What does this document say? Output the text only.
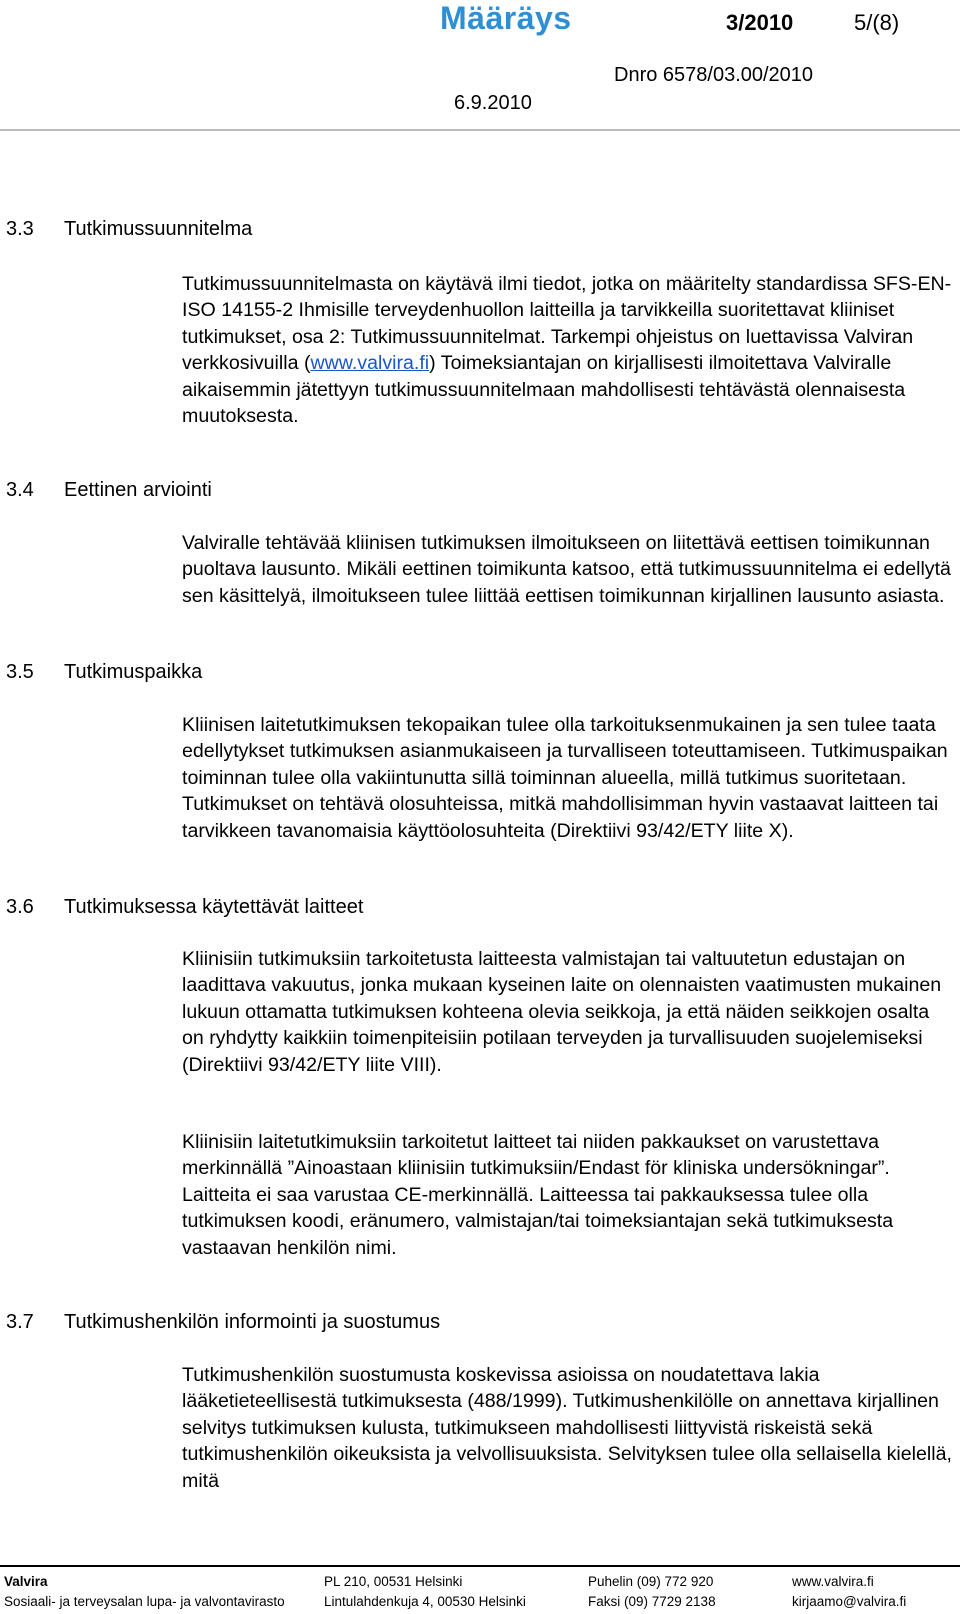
Määräys	3/2010	5/(8)
Dnro 6578/03.00/2010
6.9.2010
3.3 Tutkimussuunnitelma
Tutkimussuunnitelmasta on käytävä ilmi tiedot, jotka on määritelty standardissa SFS-EN-ISO 14155-2 Ihmisille terveydenhuollon laitteilla ja tarvikkeilla suoritettavat kliiniset tutkimukset, osa 2: Tutkimussuunnitelmat. Tarkempi ohjeistus on luettavissa Valviran verkkosivuilla (www.valvira.fi) Toimeksiantajan on kirjallisesti ilmoitettava Valviralle aikaisemmin jätettyyn tutkimussuunnitelmaan mahdollisesti tehtävästä olennaisesta muutoksesta.
3.4 Eettinen arviointi
Valviralle tehtävää kliinisen tutkimuksen ilmoitukseen on liitettävä eettisen toimikunnan puoltava lausunto. Mikäli eettinen toimikunta katsoo, että tutkimussuunnitelma ei edellytä sen käsittelyä, ilmoitukseen tulee liittää eettisen toimikunnan kirjallinen lausunto asiasta.
3.5 Tutkimuspaikka
Kliinisen laitetutkimuksen tekopaikan tulee olla tarkoituksenmukainen ja sen tulee taata edellytykset tutkimuksen asianmukaiseen ja turvalliseen toteuttamiseen. Tutkimuspaikan toiminnan tulee olla vakiintunutta sillä toiminnan alueella, millä tutkimus suoritetaan. Tutkimukset on tehtävä olosuhteissa, mitkä mahdollisimman hyvin vastaavat laitteen tai tarvikkeen tavanomaisia käyttöolosuhteita (Direktiivi 93/42/ETY liite X).
3.6 Tutkimuksessa käytettävät laitteet
Kliinisiin tutkimuksiin tarkoitetusta laitteesta valmistajan tai valtuutetun edustajan on laadittava vakuutus, jonka mukaan kyseinen laite on olennaisten vaatimusten mukainen lukuun ottamatta tutkimuksen kohteena olevia seikkoja, ja että näiden seikkojen osalta on ryhdytty kaikkiin toimenpiteisiin potilaan terveyden ja turvallisuuden suojelemiseksi (Direktiivi 93/42/ETY liite VIII).
Kliinisiin laitetutkimuksiin tarkoitetut laitteet tai niiden pakkaukset on varustettava merkinnällä ”Ainoastaan kliinisiin tutkimuksiin/Endast för kliniska undersökningar”. Laitteita ei saa varustaa CE-merkinnällä. Laitteessa tai pakkauksessa tulee olla tutkimuksen koodi, eränumero, valmistajan/tai toimeksiantajan sekä tutkimuksesta vastaavan henkilön nimi.
3.7 Tutkimushenkilön informointi ja suostumus
Tutkimushenkilön suostumusta koskevissa asioissa on noudatettava lakia lääketieteellisestä tutkimuksesta (488/1999). Tutkimushenkilölle on annettava kirjallinen selvitys tutkimuksen kulusta, tutkimukseen mahdollisesti liittyvistä riskeistä sekä tutkimushenkilön oikeuksista ja velvollisuuksista. Selvityksen tulee olla sellaisella kielellä, mitä
Valvira
Sosiaali- ja terveysalan lupa- ja valvontavirasto
PL 210, 00531 Helsinki
Lintulahdenkuja 4, 00530 Helsinki
Puhelin (09) 772 920
Faksi (09) 7729 2138
www.valvira.fi
kirjaamo@valvira.fi
